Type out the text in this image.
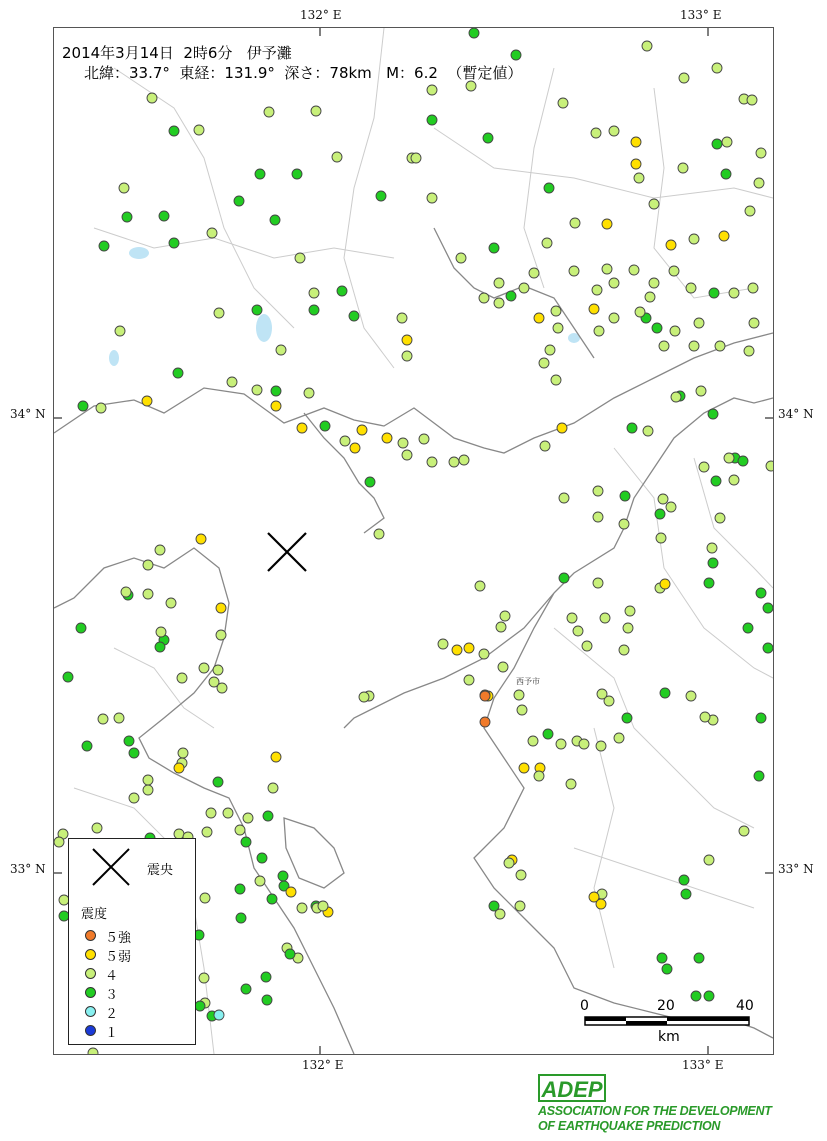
132° E	133° E
132° E	133° E
34° N
33° N
34° N
33° N
2014年3月14日  2時6分   伊予灘
北緯：33.7°  東経：131.9°  深さ：78km   M：6.2  （暫定値）
西予市
震央
震度
５強
５弱
４
３
２
１
0	20	40
km
ADEP
ASSOCIATION FOR THE DEVELOPMENT
OF EARTHQUAKE PREDICTION
